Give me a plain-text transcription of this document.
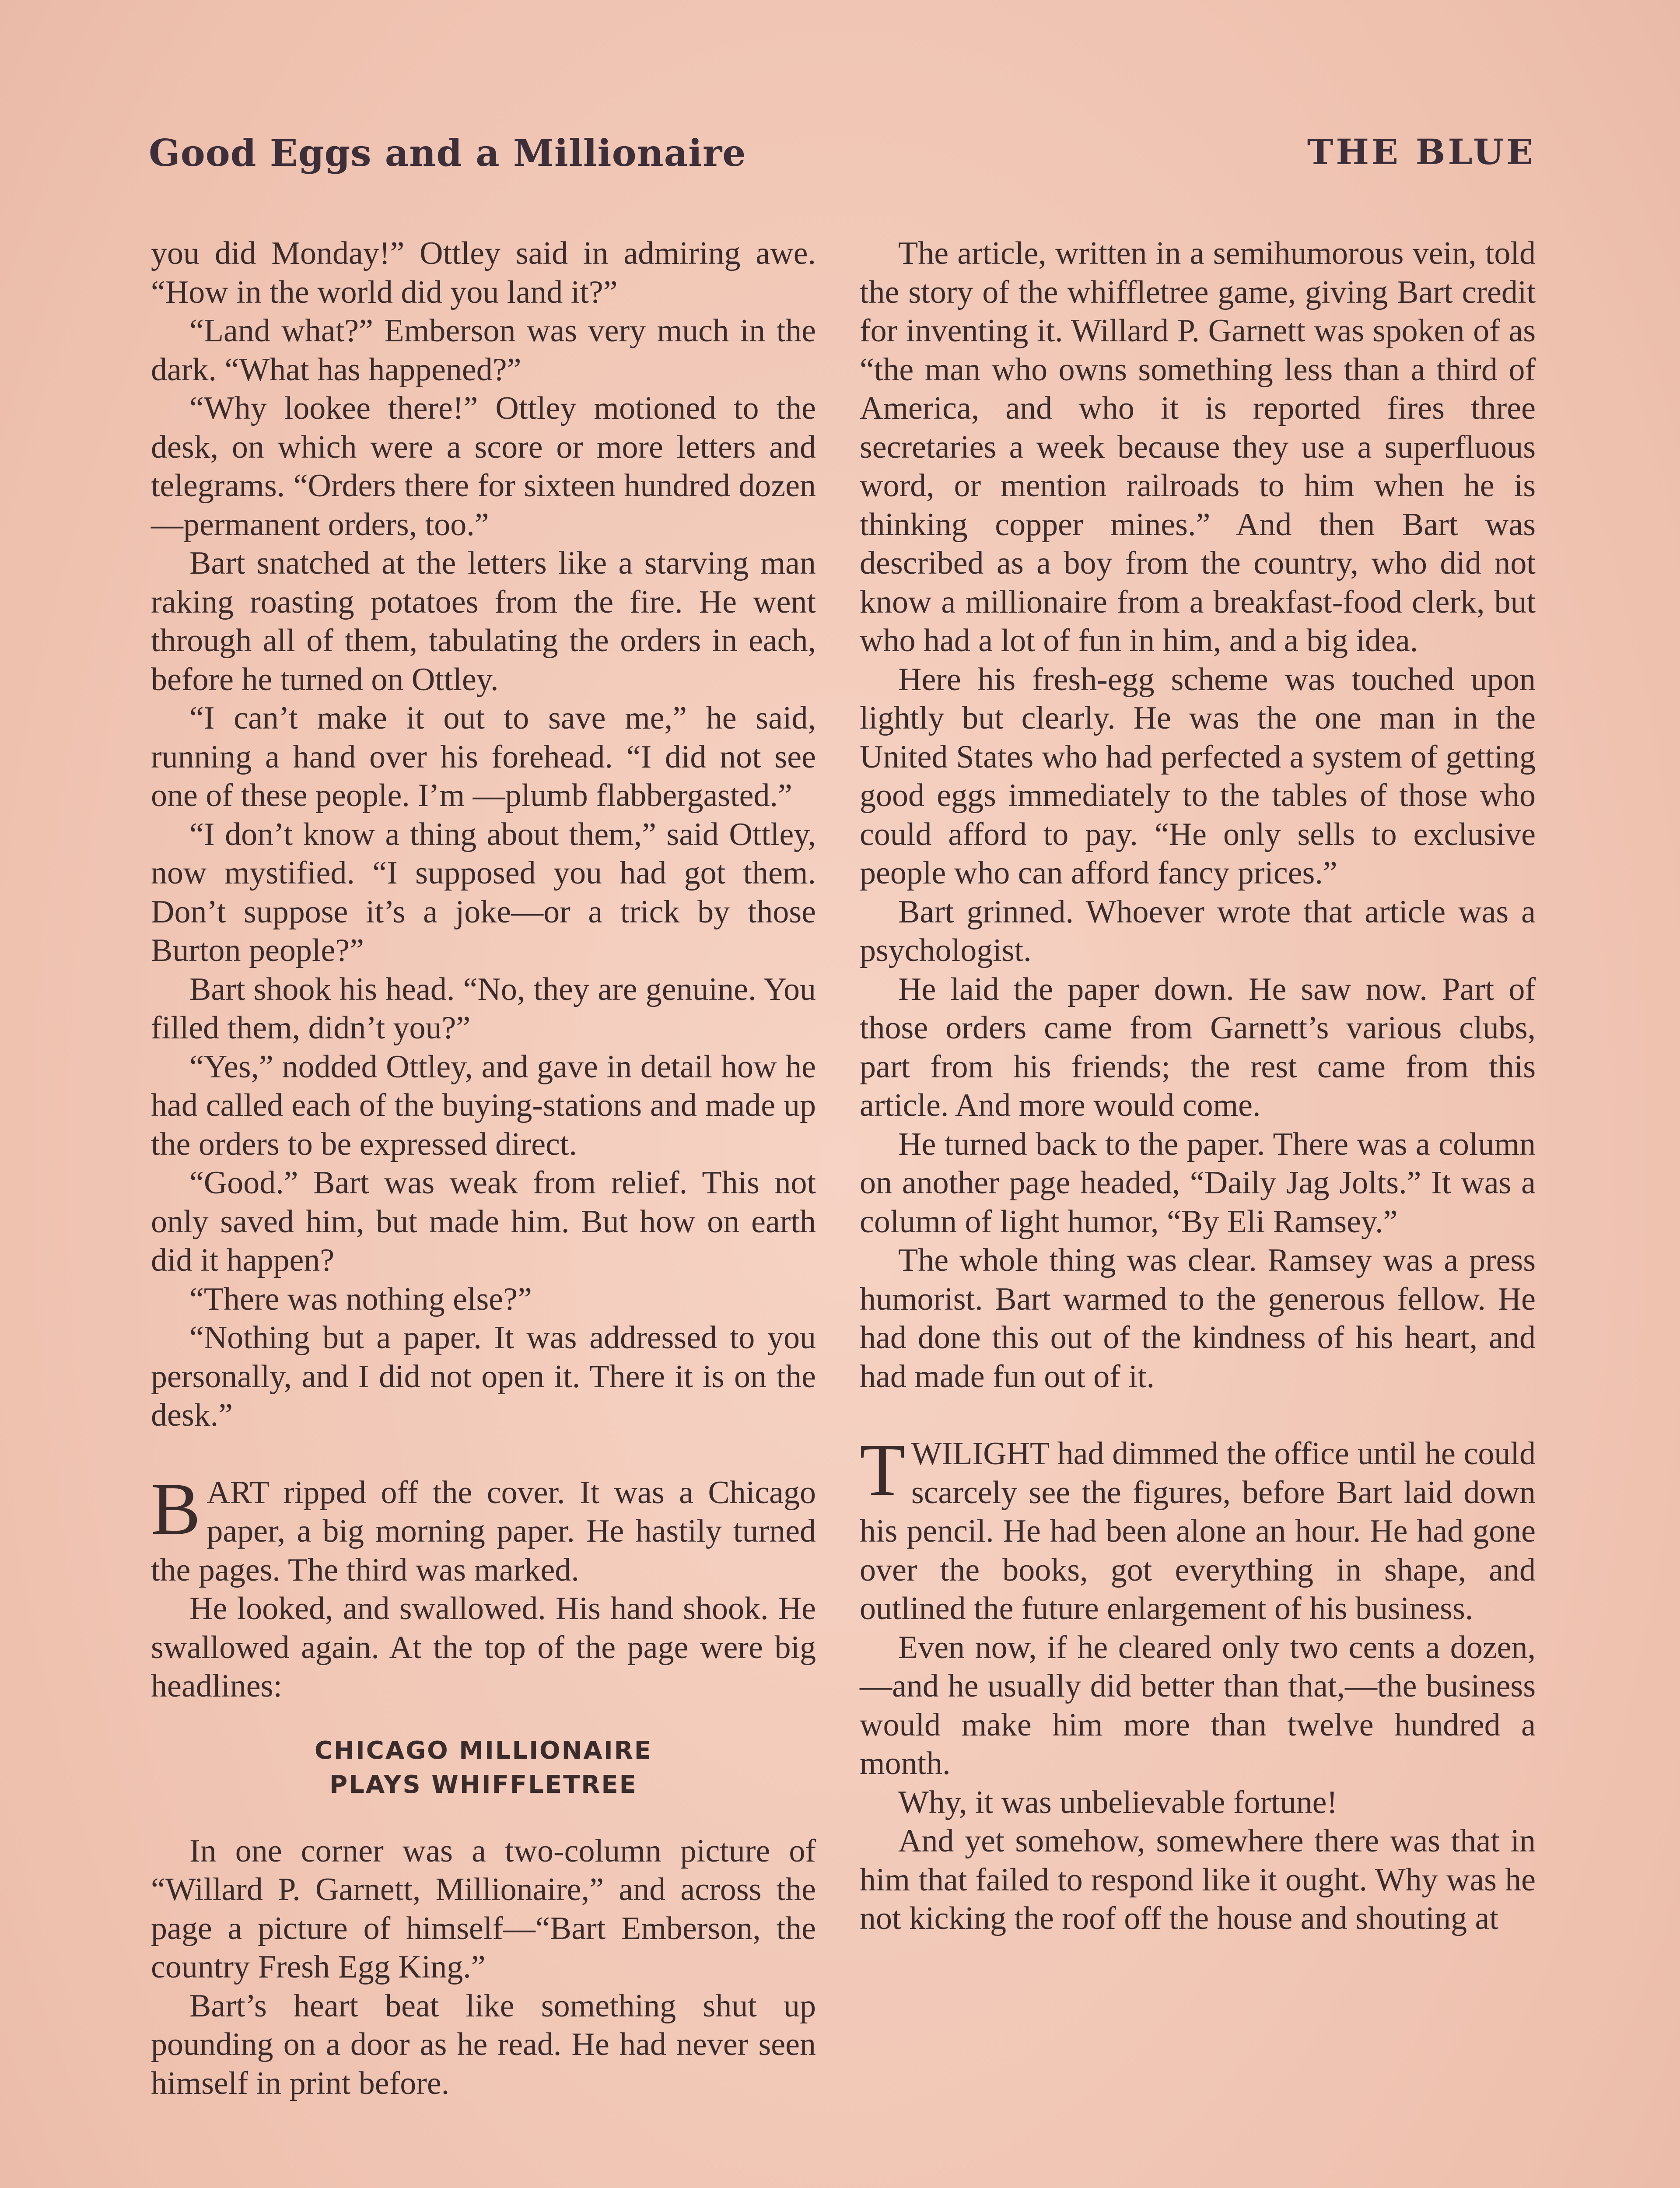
Good Eggs and a Millionaire	THE BLUE

you did Monday!” Ottley said in admiring awe. “How in the world did you land it?”

“Land what?” Emberson was very much in the dark. “What has happened?”

“Why lookee there!” Ottley motioned to the desk, on which were a score or more letters and telegrams. “Orders there for sixteen hundred dozen—permanent orders, too.”

Bart snatched at the letters like a starving man raking roasting potatoes from the fire. He went through all of them, tabulating the orders in each, before he turned on Ottley.

“I can’t make it out to save me,” he said, running a hand over his forehead. “I did not see one of these people. I’m —plumb flabbergasted.”

“I don’t know a thing about them,” said Ottley, now mystified. “I supposed you had got them. Don’t suppose it’s a joke—or a trick by those Burton people?”

Bart shook his head. “No, they are genuine. You filled them, didn’t you?”

“Yes,” nodded Ottley, and gave in detail how he had called each of the buying-stations and made up the orders to be expressed direct.

“Good.” Bart was weak from relief. This not only saved him, but made him. But how on earth did it happen?

“There was nothing else?”

“Nothing but a paper. It was addressed to you personally, and I did not open it. There it is on the desk.”

BART ripped off the cover. It was a Chicago paper, a big morning paper. He hastily turned the pages. The third was marked.

He looked, and swallowed. His hand shook. He swallowed again. At the top of the page were big headlines:

CHICAGO MILLIONAIRE
PLAYS WHIFFLETREE

In one corner was a two-column picture of “Willard P. Garnett, Millionaire,” and across the page a picture of himself—“Bart Emberson, the country Fresh Egg King.”

Bart’s heart beat like something shut up pounding on a door as he read. He had never seen himself in print before.

The article, written in a semihumorous vein, told the story of the whiffletree game, giving Bart credit for inventing it. Willard P. Garnett was spoken of as “the man who owns something less than a third of America, and who it is reported fires three secretaries a week because they use a superfluous word, or mention railroads to him when he is thinking copper mines.” And then Bart was described as a boy from the country, who did not know a millionaire from a breakfast-food clerk, but who had a lot of fun in him, and a big idea.

Here his fresh-egg scheme was touched upon lightly but clearly. He was the one man in the United States who had perfected a system of getting good eggs immediately to the tables of those who could afford to pay. “He only sells to exclusive people who can afford fancy prices.”

Bart grinned. Whoever wrote that article was a psychologist.

He laid the paper down. He saw now. Part of those orders came from Garnett’s various clubs, part from his friends; the rest came from this article. And more would come.

He turned back to the paper. There was a column on another page headed, “Daily Jag Jolts.” It was a column of light humor, “By Eli Ramsey.”

The whole thing was clear. Ramsey was a press humorist. Bart warmed to the generous fellow. He had done this out of the kindness of his heart, and had made fun out of it.

TWILIGHT had dimmed the office until he could scarcely see the figures, before Bart laid down his pencil. He had been alone an hour. He had gone over the books, got everything in shape, and outlined the future enlargement of his business.

Even now, if he cleared only two cents a dozen,—and he usually did better than that,—the business would make him more than twelve hundred a month.

Why, it was unbelievable fortune!

And yet somehow, somewhere there was that in him that failed to respond like it ought. Why was he not kicking the roof off the house and shouting at
